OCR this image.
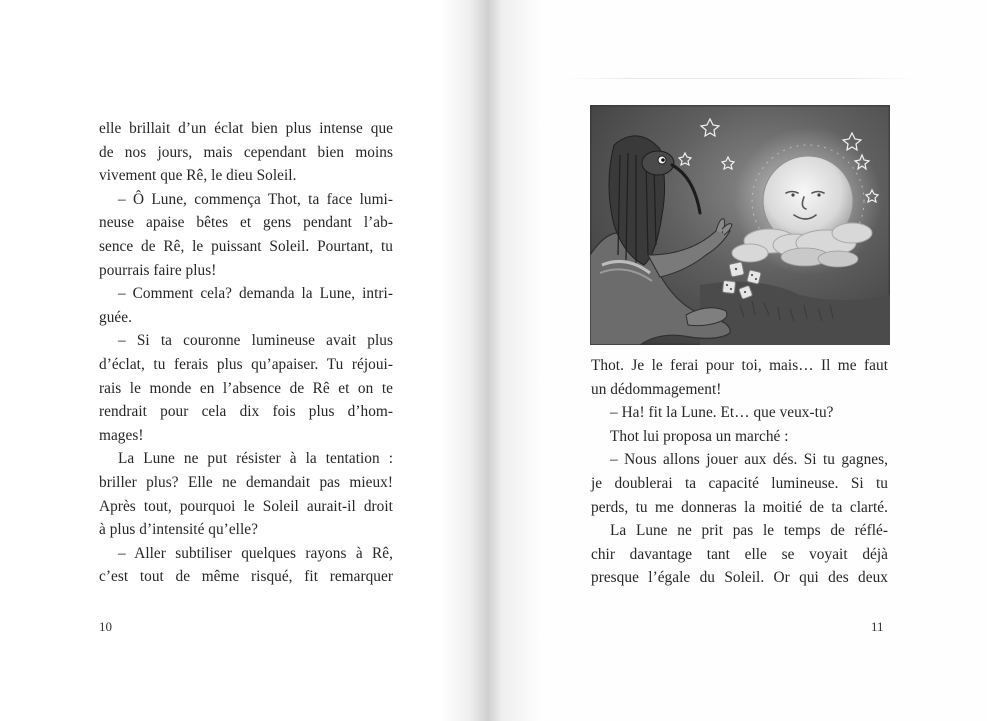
elle brillait d’un éclat bien plus intense que
de nos jours, mais cependant bien moins
vivement que Rê, le dieu Soleil.
– Ô Lune, commença Thot, ta face lumi-
neuse apaise bêtes et gens pendant l’ab-
sence de Rê, le puissant Soleil. Pourtant, tu
pourrais faire plus!
– Comment cela? demanda la Lune, intri-
guée.
– Si ta couronne lumineuse avait plus
d’éclat, tu ferais plus qu’apaiser. Tu réjoui-
rais le monde en l’absence de Rê et on te
rendrait pour cela dix fois plus d’hom-
mages!
La Lune ne put résister à la tentation :
briller plus? Elle ne demandait pas mieux!
Après tout, pourquoi le Soleil aurait-il droit
à plus d’intensité qu’elle?
– Aller subtiliser quelques rayons à Rê,
c’est tout de même risqué, fit remarquer
10
Thot. Je le ferai pour toi, mais… Il me faut
un dédommagement!
– Ha! fit la Lune. Et… que veux-tu?
Thot lui proposa un marché :
– Nous allons jouer aux dés. Si tu gagnes,
je doublerai ta capacité lumineuse. Si tu
perds, tu me donneras la moitié de ta clarté.
La Lune ne prit pas le temps de réflé-
chir davantage tant elle se voyait déjà
presque l’égale du Soleil. Or qui des deux
11
